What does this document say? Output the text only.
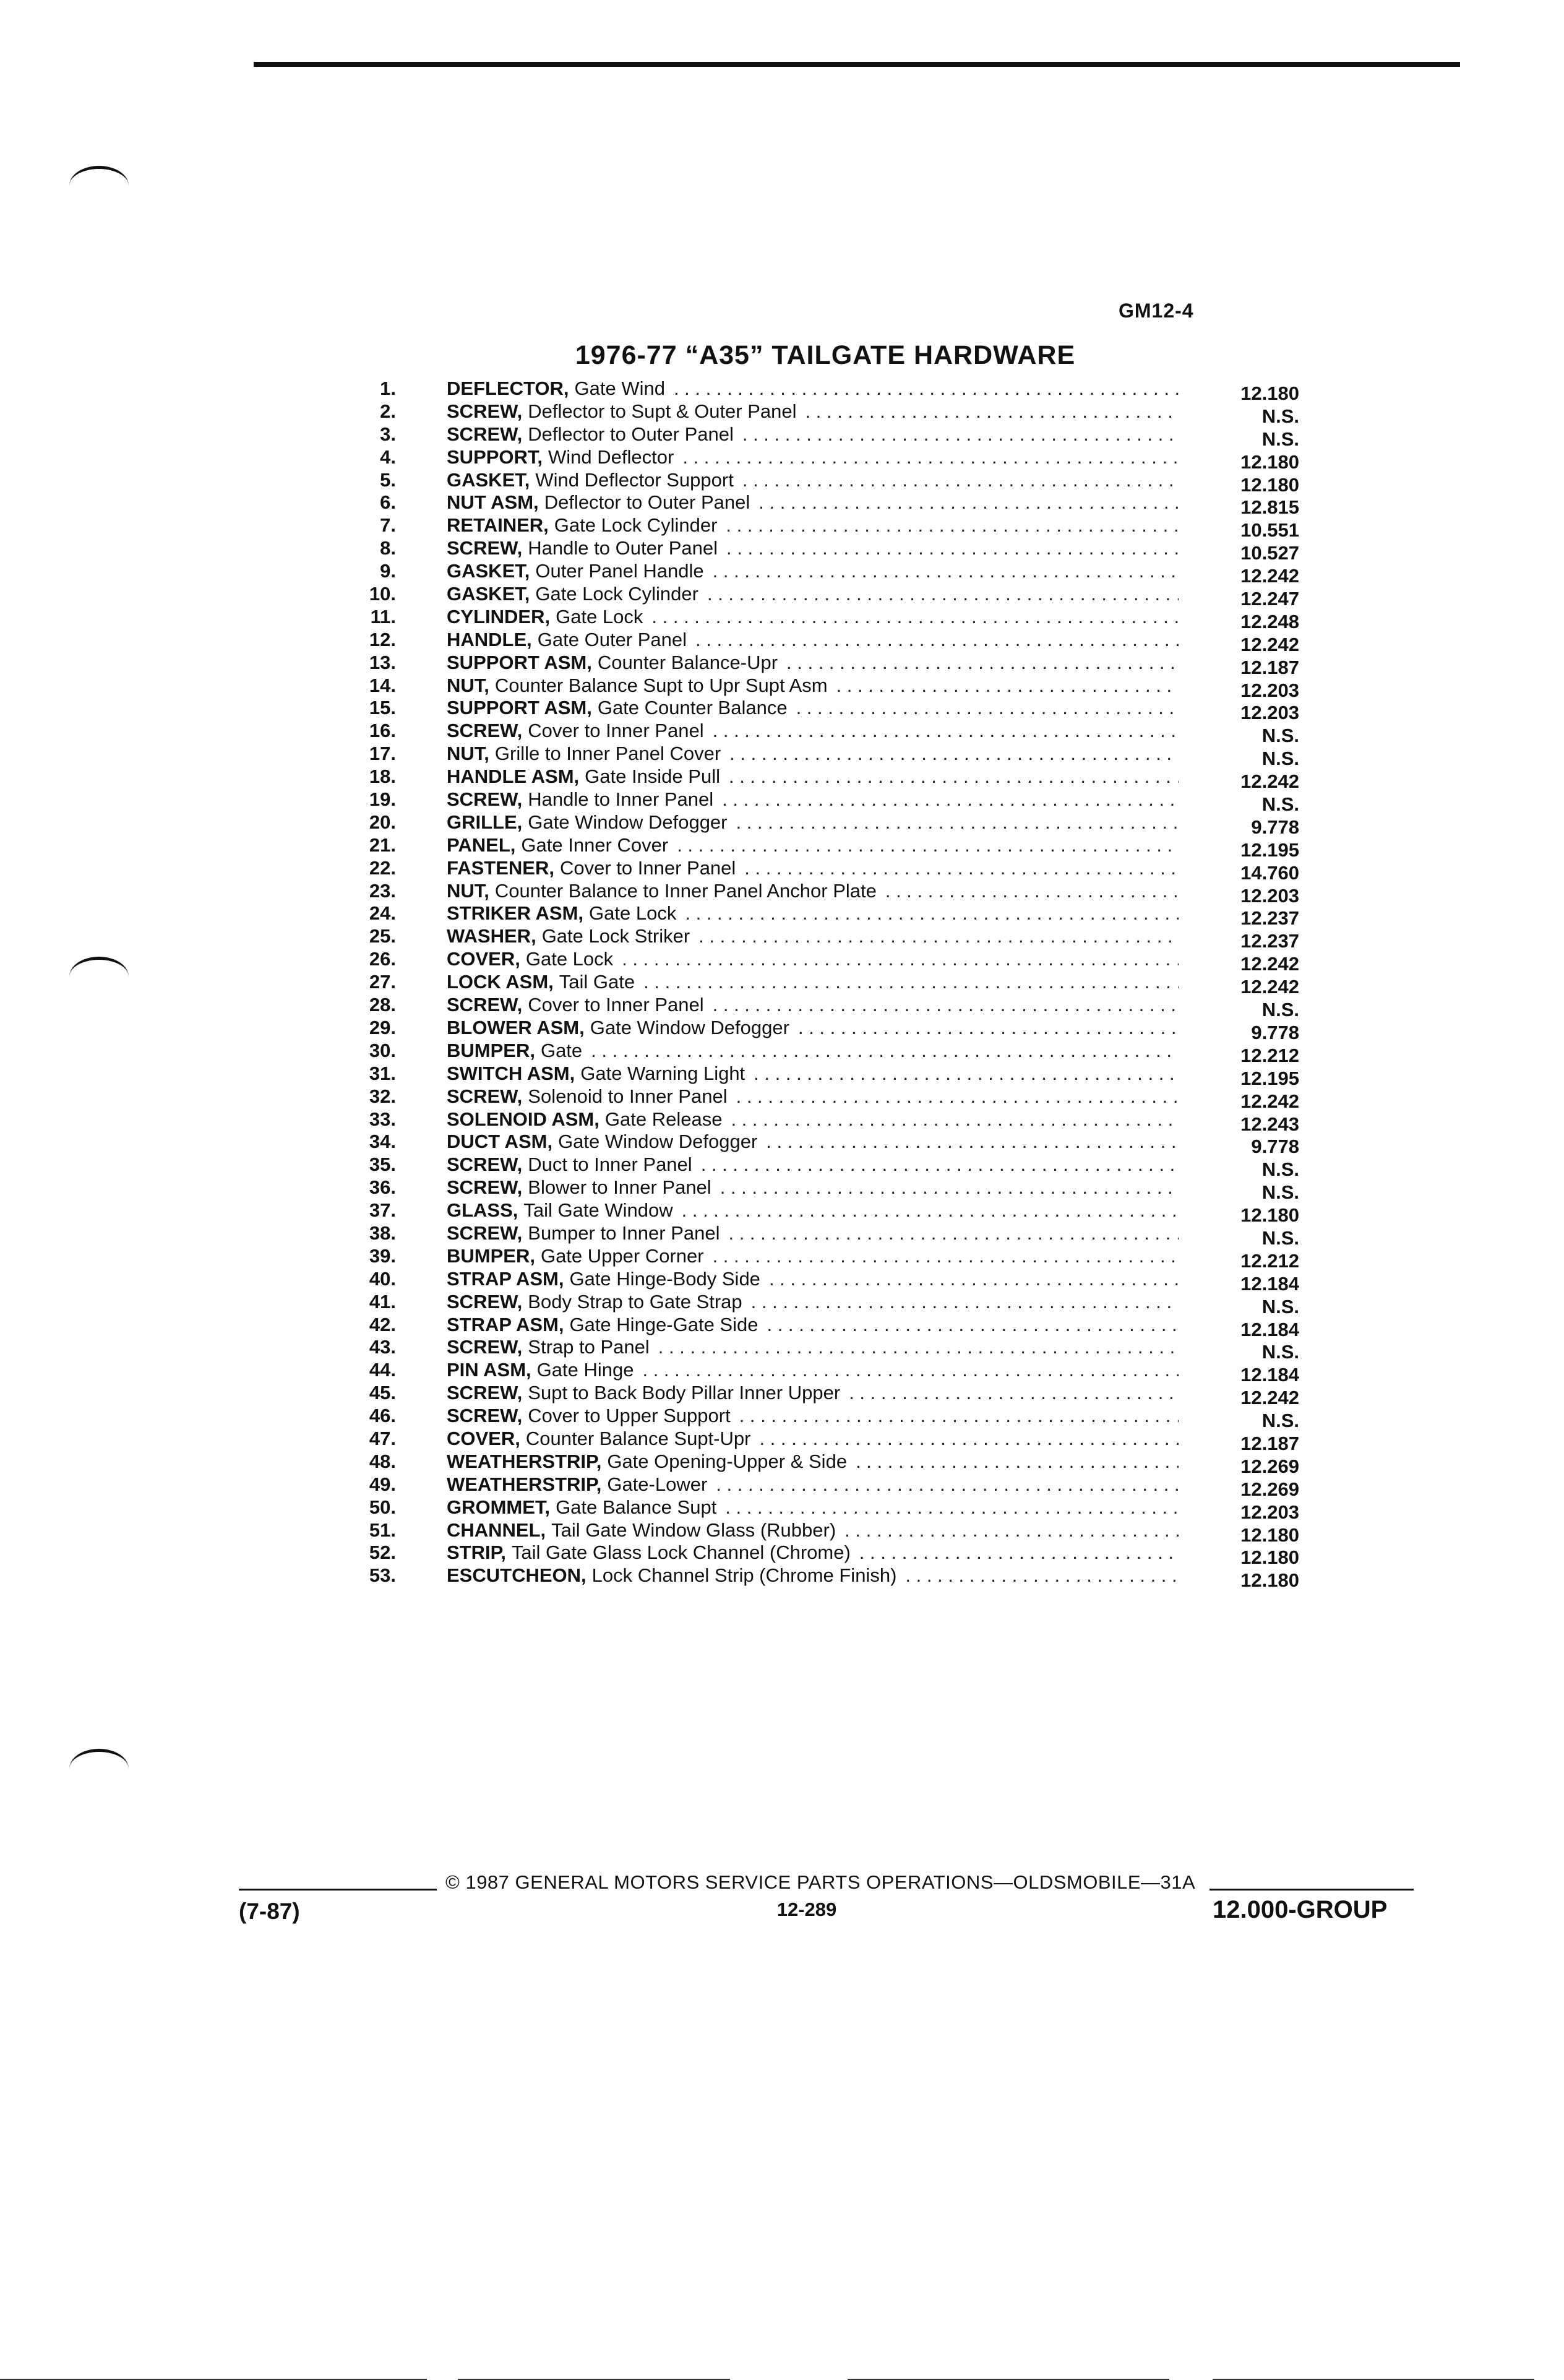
GM12-4
1976-77 “A35” TAILGATE HARDWARE
1.	DEFLECTOR, Gate Wind . . .	12.180
2.	SCREW, Deflector to Supt & Outer Panel . . .	N.S.
3.	SCREW, Deflector to Outer Panel . . .	N.S.
4.	SUPPORT, Wind Deflector . . .	12.180
5.	GASKET, Wind Deflector Support . . .	12.180
6.	NUT ASM, Deflector to Outer Panel . . .	12.815
7.	RETAINER, Gate Lock Cylinder . . .	10.551
8.	SCREW, Handle to Outer Panel . . .	10.527
9.	GASKET, Outer Panel Handle . . .	12.242
10.	GASKET, Gate Lock Cylinder . . .	12.247
11.	CYLINDER, Gate Lock . . .	12.248
12.	HANDLE, Gate Outer Panel . . .	12.242
13.	SUPPORT ASM, Counter Balance-Upr . . .	12.187
14.	NUT, Counter Balance Supt to Upr Supt Asm . . .	12.203
15.	SUPPORT ASM, Gate Counter Balance . . .	12.203
16.	SCREW, Cover to Inner Panel . . .	N.S.
17.	NUT, Grille to Inner Panel Cover . . .	N.S.
18.	HANDLE ASM, Gate Inside Pull . . .	12.242
19.	SCREW, Handle to Inner Panel . . .	N.S.
20.	GRILLE, Gate Window Defogger . . .	9.778
21.	PANEL, Gate Inner Cover . . .	12.195
22.	FASTENER, Cover to Inner Panel . . .	14.760
23.	NUT, Counter Balance to Inner Panel Anchor Plate . . .	12.203
24.	STRIKER ASM, Gate Lock . . .	12.237
25.	WASHER, Gate Lock Striker . . .	12.237
26.	COVER, Gate Lock . . .	12.242
27.	LOCK ASM, Tail Gate . . .	12.242
28.	SCREW, Cover to Inner Panel . . .	N.S.
29.	BLOWER ASM, Gate Window Defogger . . .	9.778
30.	BUMPER, Gate . . .	12.212
31.	SWITCH ASM, Gate Warning Light . . .	12.195
32.	SCREW, Solenoid to Inner Panel . . .	12.242
33.	SOLENOID ASM, Gate Release . . .	12.243
34.	DUCT ASM, Gate Window Defogger . . .	9.778
35.	SCREW, Duct to Inner Panel . . .	N.S.
36.	SCREW, Blower to Inner Panel . . .	N.S.
37.	GLASS, Tail Gate Window . . .	12.180
38.	SCREW, Bumper to Inner Panel . . .	N.S.
39.	BUMPER, Gate Upper Corner . . .	12.212
40.	STRAP ASM, Gate Hinge-Body Side . . .	12.184
41.	SCREW, Body Strap to Gate Strap . . .	N.S.
42.	STRAP ASM, Gate Hinge-Gate Side . . .	12.184
43.	SCREW, Strap to Panel . . .	N.S.
44.	PIN ASM, Gate Hinge . . .	12.184
45.	SCREW, Supt to Back Body Pillar Inner Upper . . .	12.242
46.	SCREW, Cover to Upper Support . . .	N.S.
47.	COVER, Counter Balance Supt-Upr . . .	12.187
48.	WEATHERSTRIP, Gate Opening-Upper & Side . . .	12.269
49.	WEATHERSTRIP, Gate-Lower . . .	12.269
50.	GROMMET, Gate Balance Supt . . .	12.203
51.	CHANNEL, Tail Gate Window Glass (Rubber) . . .	12.180
52.	STRIP, Tail Gate Glass Lock Channel (Chrome) . . .	12.180
53.	ESCUTCHEON, Lock Channel Strip (Chrome Finish) . . .	12.180
(7-87)
© 1987 GENERAL MOTORS SERVICE PARTS OPERATIONS—OLDSMOBILE—31A
12-289	12.000-GROUP
